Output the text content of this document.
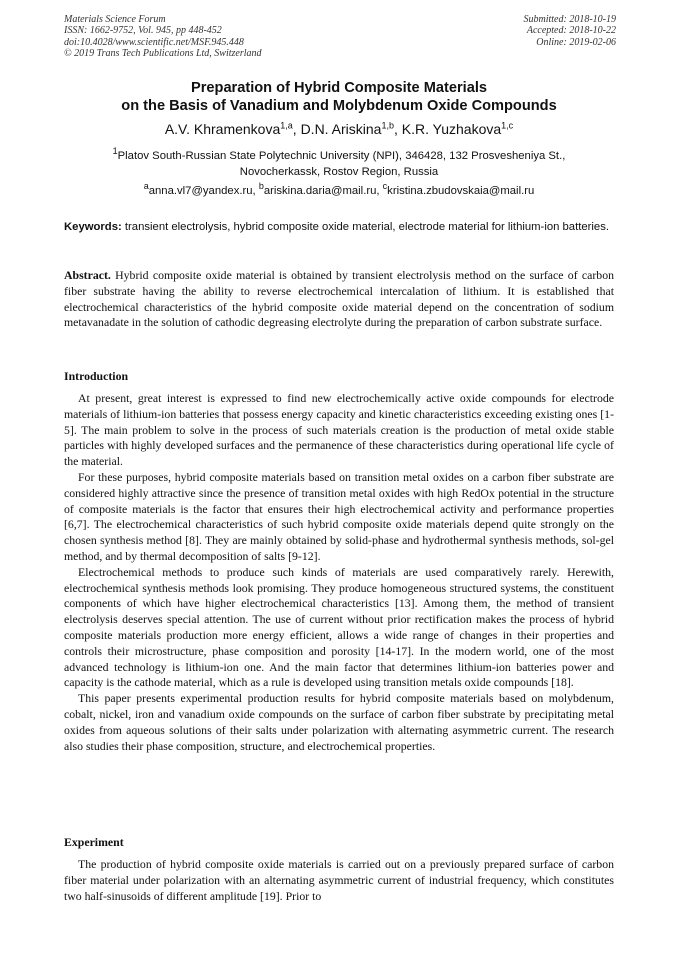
Materials Science Forum
ISSN: 1662-9752, Vol. 945, pp 448-452
doi:10.4028/www.scientific.net/MSF.945.448
© 2019 Trans Tech Publications Ltd, Switzerland
Submitted: 2018-10-19
Accepted: 2018-10-22
Online: 2019-02-06
Preparation of Hybrid Composite Materials
on the Basis of Vanadium and Molybdenum Oxide Compounds
A.V. Khramenkova$^{1,a}$, D.N. Ariskina$^{1,b}$, K.R. Yuzhakova$^{1,c}$
$^1$Platov South-Russian State Polytechnic University (NPI), 346428, 132 Prosvesheniya St.,
Novocherkassk, Rostov Region, Russia
$^a$anna.vl7@yandex.ru, $^b$ariskina.daria@mail.ru, $^c$kristina.zbudovskaia@mail.ru
Keywords: transient electrolysis, hybrid composite oxide material, electrode material for lithium-ion batteries.
Abstract. Hybrid composite oxide material is obtained by transient electrolysis method on the surface of carbon fiber substrate having the ability to reverse electrochemical intercalation of lithium. It is established that electrochemical characteristics of the hybrid composite oxide material depend on the concentration of sodium metavanadate in the solution of cathodic degreasing electrolyte during the preparation of carbon substrate surface.
Introduction

At present, great interest is expressed to find new electrochemically active oxide compounds for electrode materials of lithium-ion batteries that possess energy capacity and kinetic characteristics exceeding existing ones [1-5]. The main problem to solve in the process of such materials creation is the production of metal oxide stable particles with highly developed surfaces and the permanence of these characteristics during operational life cycle of the material.

For these purposes, hybrid composite materials based on transition metal oxides on a carbon fiber substrate are considered highly attractive since the presence of transition metal oxides with high RedOx potential in the structure of composite materials is the factor that ensures their high electrochemical activity and performance properties [6,7]. The electrochemical characteristics of such hybrid composite oxide materials depend quite strongly on the chosen synthesis method [8]. They are mainly obtained by solid-phase and hydrothermal synthesis methods, sol-gel method, and by thermal decomposition of salts [9-12].

Electrochemical methods to produce such kinds of materials are used comparatively rarely. Herewith, electrochemical synthesis methods look promising. They produce homogeneous structured systems, the constituent components of which have higher electrochemical characteristics [13]. Among them, the method of transient electrolysis deserves special attention. The use of current without prior rectification makes the process of hybrid composite materials production more energy efficient, allows a wide range of changes in their properties and controls their microstructure, phase composition and porosity [14-17]. In the modern world, one of the most advanced technology is lithium-ion one. And the main factor that determines lithium-ion batteries power and capacity is the cathode material, which as a rule is developed using transition metals oxide compounds [18].

This paper presents experimental production results for hybrid composite materials based on molybdenum, cobalt, nickel, iron and vanadium oxide compounds on the surface of carbon fiber substrate by precipitating metal oxides from aqueous solutions of their salts under polarization with alternating asymmetric current. The research also studies their phase composition, structure, and electrochemical properties.

Experiment

The production of hybrid composite oxide materials is carried out on a previously prepared surface of carbon fiber material under polarization with an alternating asymmetric current of industrial frequency, which constitutes two half-sinusoids of different amplitude [19]. Prior to
